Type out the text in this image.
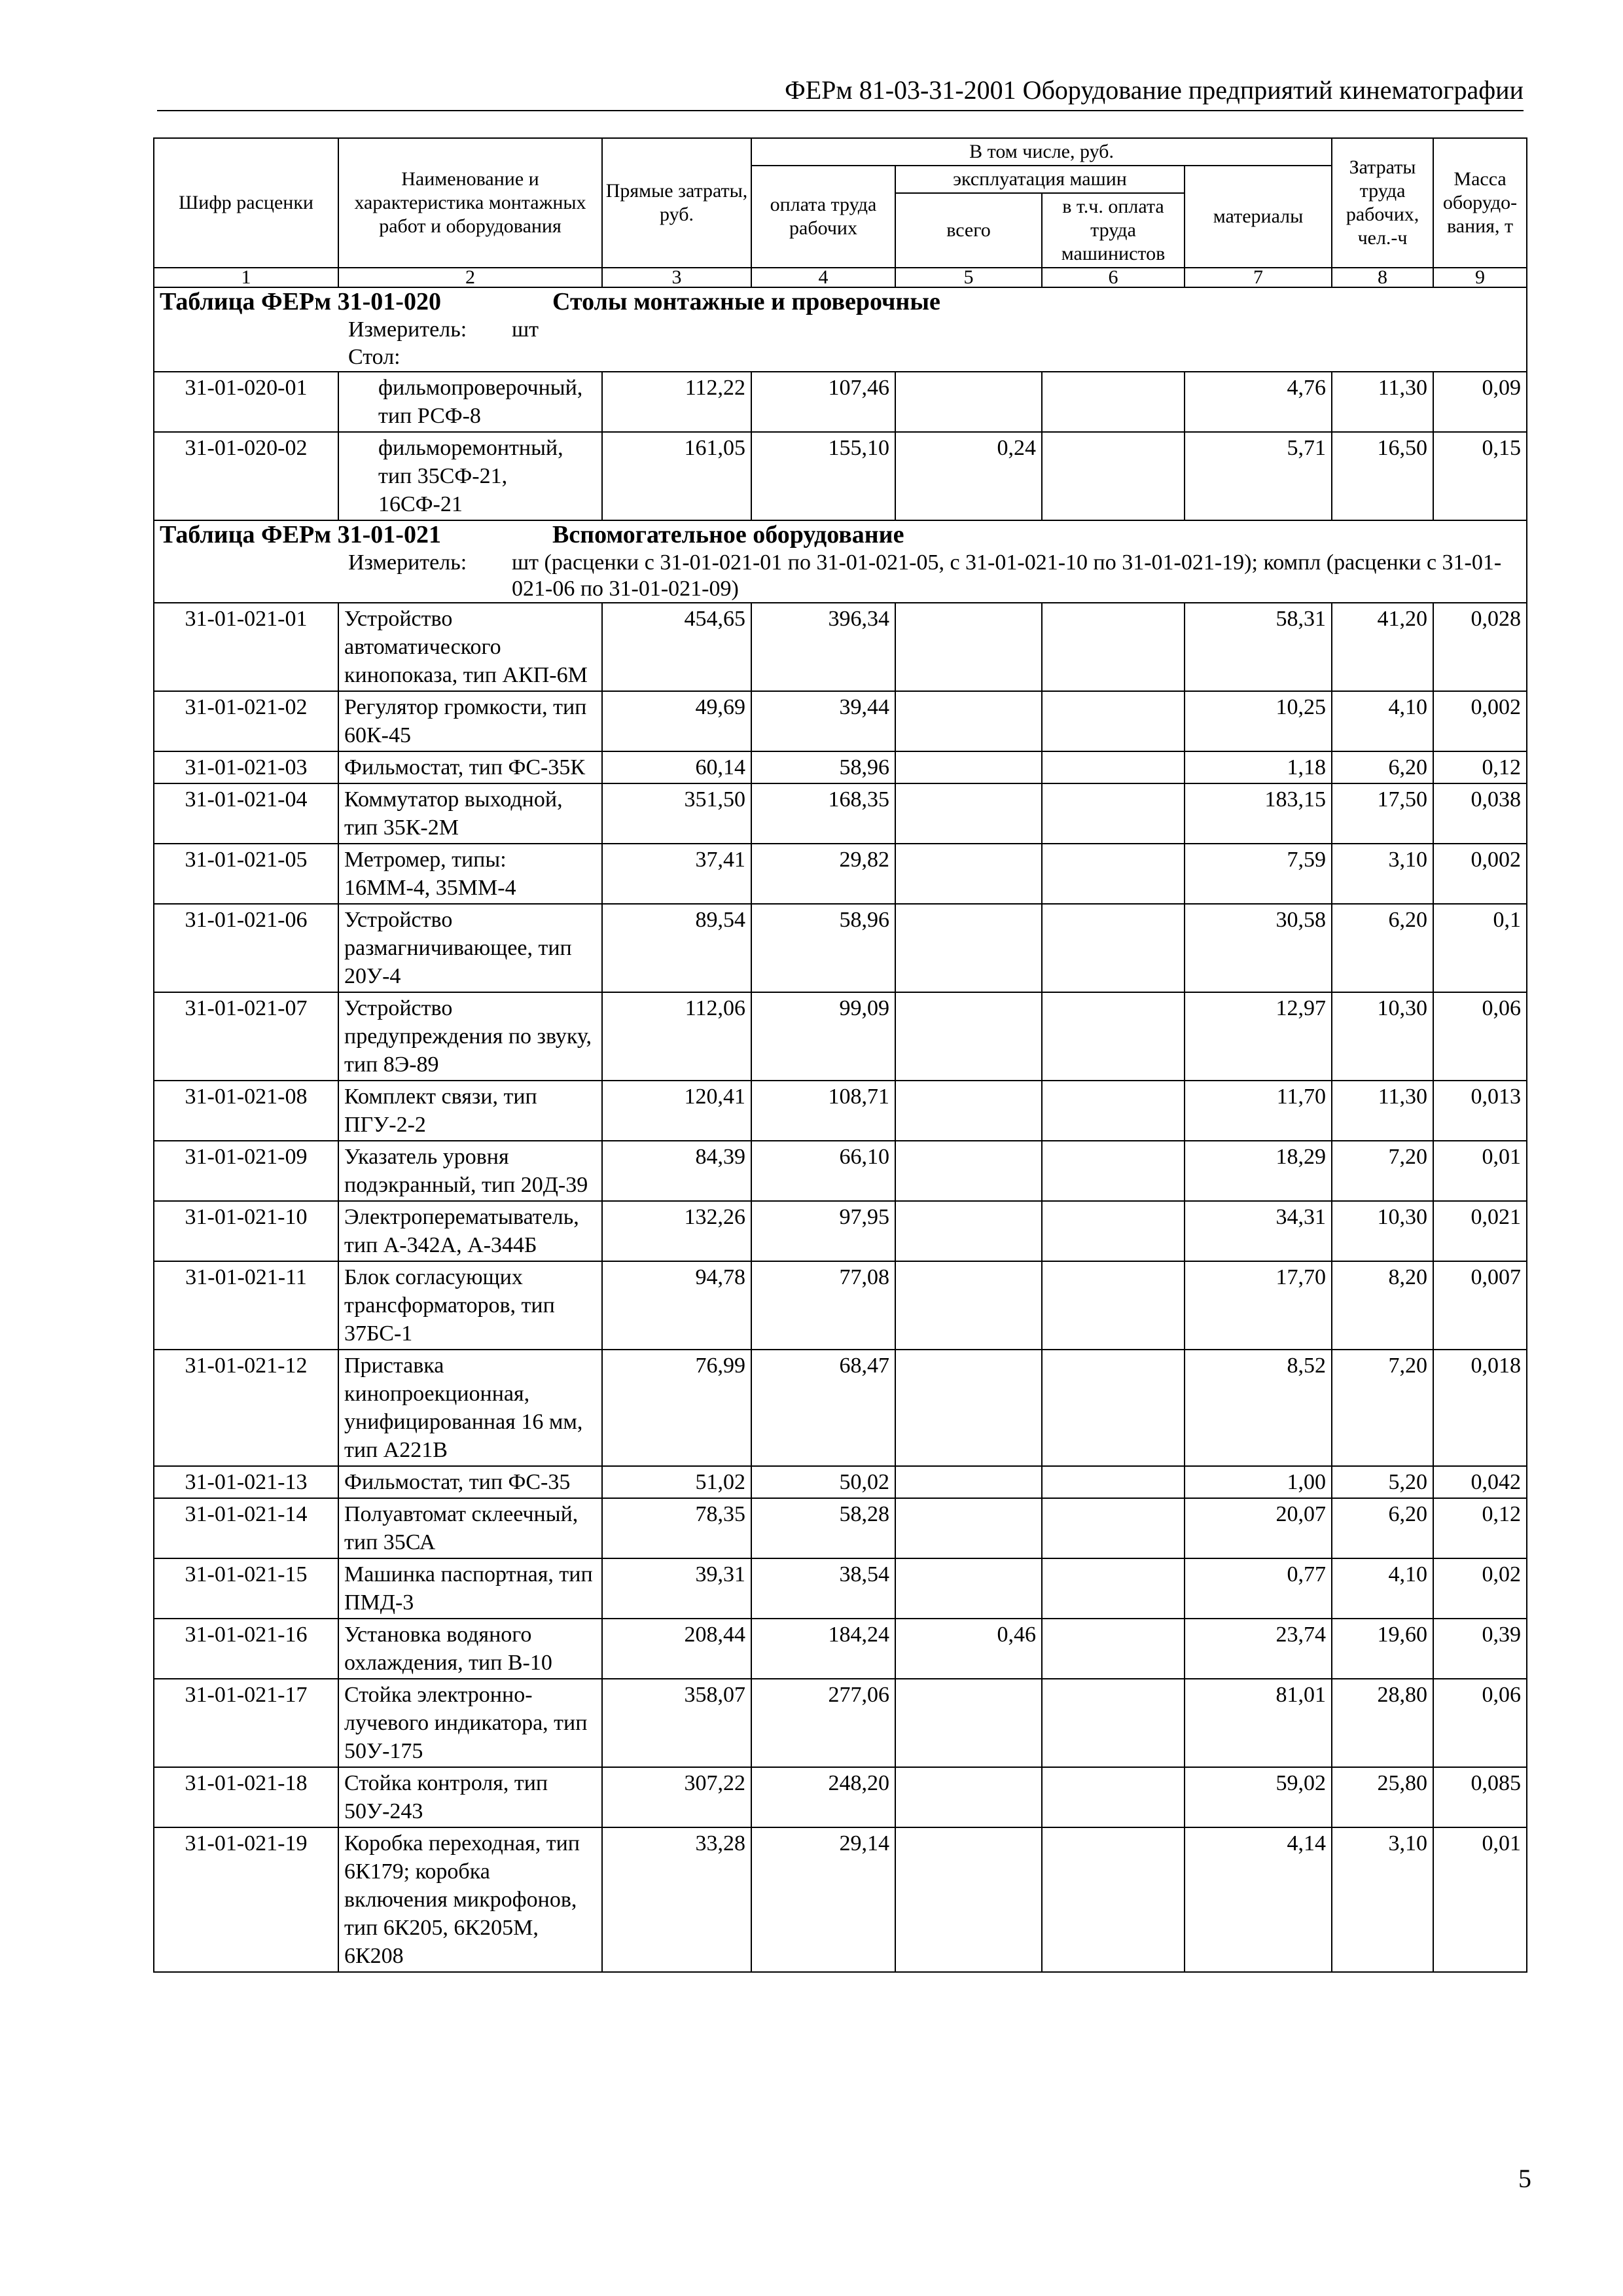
ФЕРм 81-03-31-2001 Оборудование предприятий кинематографии
Шифр расценки	Наименование и характеристика монтажных работ и оборудования	Прямые затраты, руб.	В том числе, руб.				Затраты труда рабочих, чел.-ч	Масса оборудо-вания, т
			оплата труда рабочих	эксплуатация машин		материалы		
				всего	в т.ч. оплата труда машинистов			
1	2	3	4	5	6	7	8	9
Таблица ФЕРм 31-01-020 Столы монтажные и проверочные								

Измеритель: шт								

Стол:								

31-01-020-01	фильмопроверочный, тип РСФ-8	112,22	107,46			4,76	11,30	0,09
31-01-020-02	фильморемонтный, тип 35СФ-21, 16СФ-21	161,05	155,10	0,24		5,71	16,50	0,15
Таблица ФЕРм 31-01-021 Вспомогательное оборудование								

Измеритель: шт (расценки с 31-01-021-01 по 31-01-021-05, с 31-01-021-10 по 31-01-021-19); компл (расценки с 31-01-021-06 по 31-01-021-09)								

31-01-021-01	Устройство автоматического кинопоказа, тип АКП-6М	454,65	396,34			58,31	41,20	0,028
31-01-021-02	Регулятор громкости, тип 60К-45	49,69	39,44			10,25	4,10	0,002
31-01-021-03	Фильмостат, тип ФС-35К	60,14	58,96			1,18	6,20	0,12
31-01-021-04	Коммутатор выходной, тип 35К-2М	351,50	168,35			183,15	17,50	0,038
31-01-021-05	Метромер, типы: 16ММ-4, 35ММ-4	37,41	29,82			7,59	3,10	0,002
31-01-021-06	Устройство размагничивающее, тип 20У-4	89,54	58,96			30,58	6,20	0,1
31-01-021-07	Устройство предупреждения по звуку, тип 8Э-89	112,06	99,09			12,97	10,30	0,06
31-01-021-08	Комплект связи, тип ПГУ-2-2	120,41	108,71			11,70	11,30	0,013
31-01-021-09	Указатель уровня подэкранный, тип 20Д-39	84,39	66,10			18,29	7,20	0,01
31-01-021-10	Электроперематыватель, тип А-342А, А-344Б	132,26	97,95			34,31	10,30	0,021
31-01-021-11	Блок согласующих трансформаторов, тип 37БС-1	94,78	77,08			17,70	8,20	0,007
31-01-021-12	Приставка кинопроекционная, унифицированная 16 мм, тип А221В	76,99	68,47			8,52	7,20	0,018
31-01-021-13	Фильмостат, тип ФС-35	51,02	50,02			1,00	5,20	0,042
31-01-021-14	Полуавтомат склеечный, тип 35СА	78,35	58,28			20,07	6,20	0,12
31-01-021-15	Машинка паспортная, тип ПМД-3	39,31	38,54			0,77	4,10	0,02
31-01-021-16	Установка водяного охлаждения, тип В-10	208,44	184,24	0,46		23,74	19,60	0,39
31-01-021-17	Стойка электронно-лучевого индикатора, тип 50У-175	358,07	277,06			81,01	28,80	0,06
31-01-021-18	Стойка контроля, тип 50У-243	307,22	248,20			59,02	25,80	0,085
31-01-021-19	Коробка переходная, тип 6К179; коробка включения микрофонов, тип 6К205, 6К205М, 6К208	33,28	29,14			4,14	3,10	0,01
5
